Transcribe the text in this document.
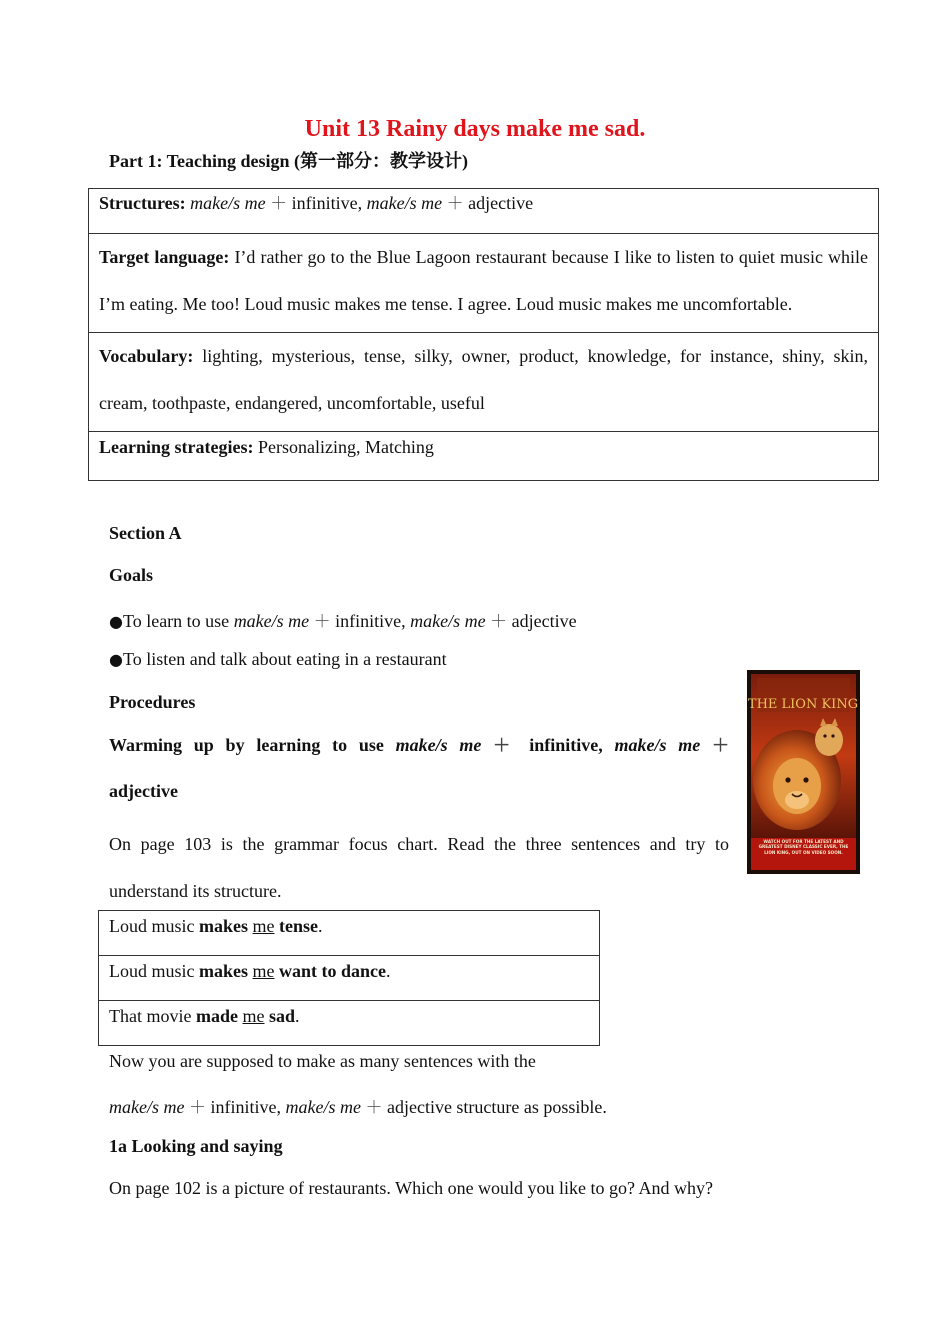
Unit 13 Rainy days make me sad.
Part 1: Teaching design (第一部分：教学设计)
Structures: make/s me ＋ infinitive, make/s me ＋ adjective
Target language: I’d rather go to the Blue Lagoon restaurant because I like to listen to quiet music while I’m eating. Me too! Loud music makes me tense. I agree. Loud music makes me uncomfortable.
Vocabulary: lighting, mysterious, tense, silky, owner, product, knowledge, for instance, shiny, skin, cream, toothpaste, endangered, uncomfortable, useful
Learning strategies: Personalizing, Matching
Section A
Goals
●To learn to use make/s me ＋ infinitive, make/s me ＋ adjective
●To listen and talk about eating in a restaurant
Procedures
Warming up by learning to use make/s me ＋ infinitive, make/s me ＋
adjective
On page 103 is the grammar focus chart. Read the three sentences and try to understand its structure.
Loud music makes me tense.
Loud music makes me want to dance.
That movie made me sad.
Now you are supposed to make as many sentences with the
make/s me ＋ infinitive, make/s me ＋ adjective structure as possible.
1a Looking and saying
On page 102 is a picture of restaurants. Which one would you like to go? And why?
THE LION KING
WATCH OUT FOR THE LATEST AND GREATEST DISNEY CLASSIC EVER, THE LION KING, OUT ON VIDEO SOON.
